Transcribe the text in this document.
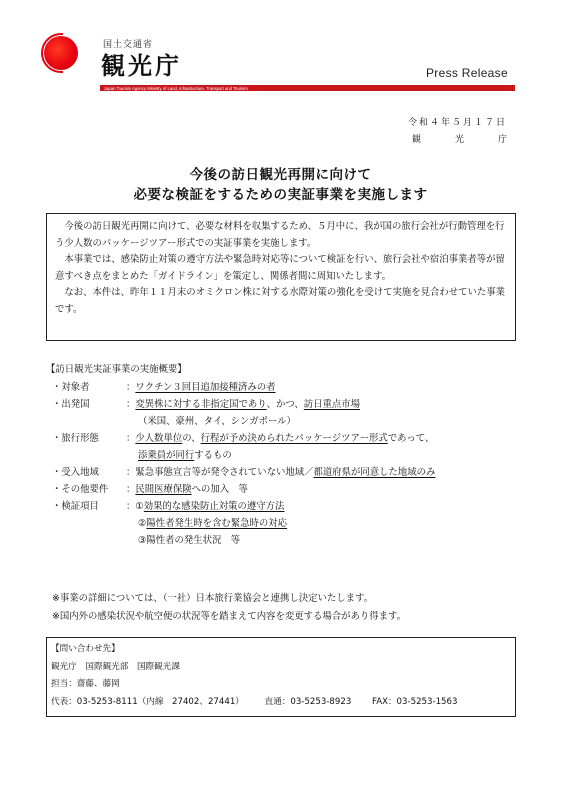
国土交通省
観光庁	Press Release
Japan Tourism Agency Ministry of Land, Infrastructure, Transport and Tourism
令和４年５月１７日
観光庁
今後の訪日観光再開に向けて
必要な検証をするための実証事業を実施します

今後の訪日観光再開に向けて、必要な材料を収集するため、５月中に、我が国の旅行会社が行動管理を行う少人数のパッケージツアー形式での実証事業を実施します。

本事業では、感染防止対策の遵守方法や緊急時対応等について検証を行い、旅行会社や宿泊事業者等が留意すべき点をまとめた「ガイドライン」を策定し、関係者間に周知いたします。

なお、本件は、昨年１１月末のオミクロン株に対する水際対策の強化を受けて実施を見合わせていた事業です。

【訪日観光実証事業の実施概要】
・対象者	：ワクチン３回目追加接種済みの者
・出発国	：変異株に対する非指定国であり、かつ、訪日重点市場
（米国、豪州、タイ、シンガポール）
・旅行形態	：少人数単位の、行程が予め決められたパッケージツアー形式であって、
添乗員が同行するもの
・受入地域	：緊急事態宣言等が発令されていない地域／都道府県が同意した地域のみ
・その他要件 ：民間医療保険への加入　等
・検証項目	：①効果的な感染防止対策の遵守方法
②陽性者発生時を含む緊急時の対応
③陽性者の発生状況　等
※事業の詳細については、（一社）日本旅行業協会と連携し決定いたします。
※国内外の感染状況や航空便の状況等を踏まえて内容を変更する場合があり得ます。
【問い合わせ先】
観光庁　国際観光部　国際観光課
担当：齋藤、藤岡
代表：03-5253-8111（内線　27402、27441） 直通：03-5253-8923 FAX：03-5253-1563
